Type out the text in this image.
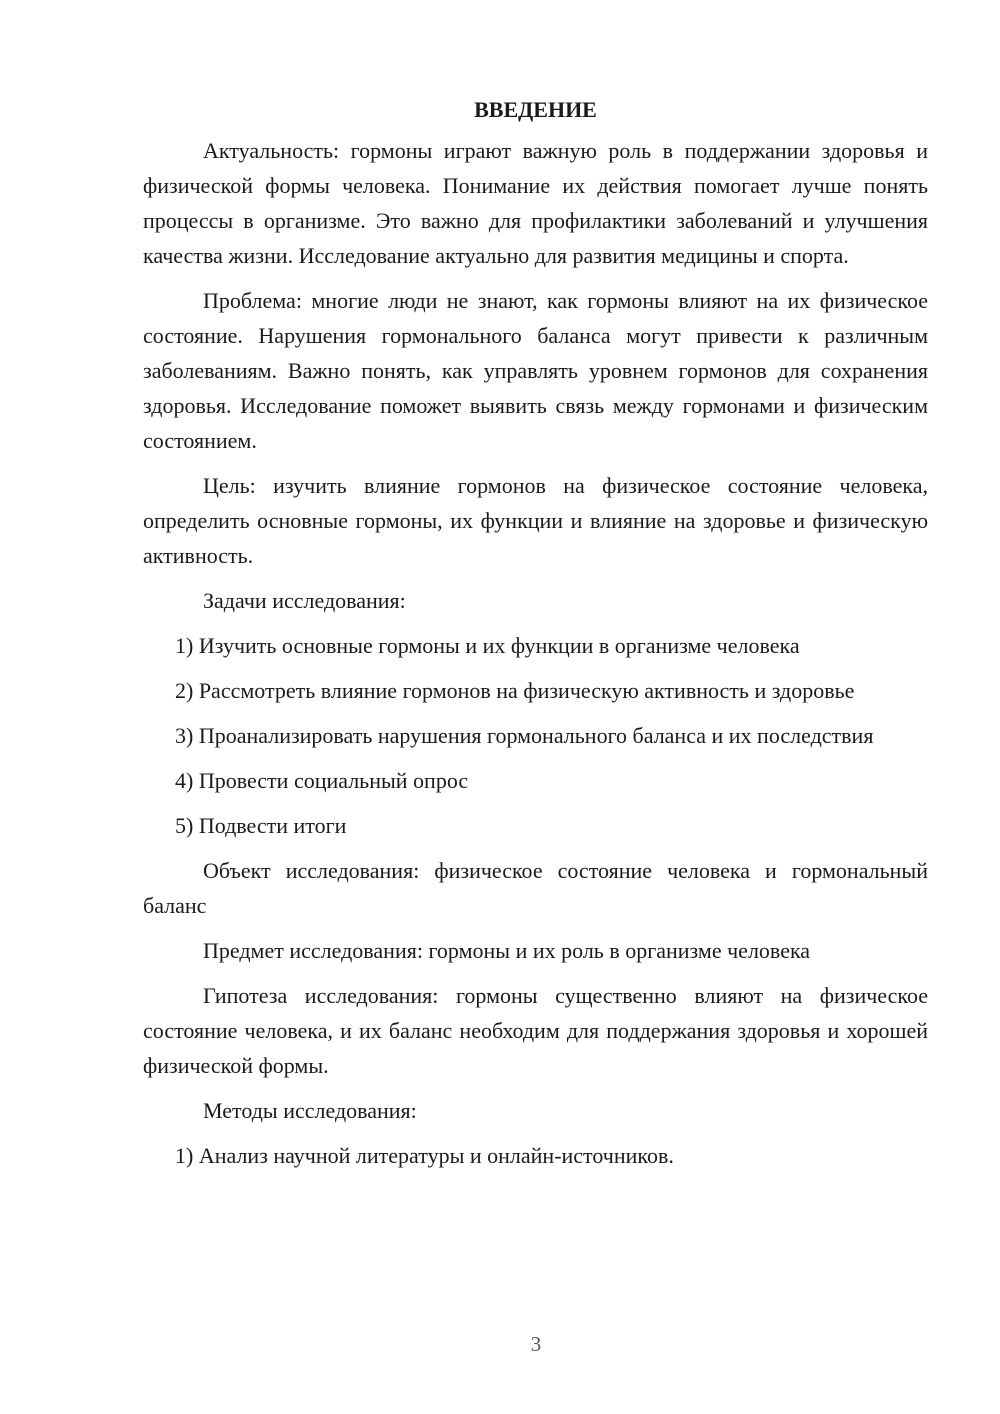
ВВЕДЕНИЕ
Актуальность: гормоны играют важную роль в поддержании здоровья и физической формы человека. Понимание их действия помогает лучше понять процессы в организме. Это важно для профилактики заболеваний и улучшения качества жизни. Исследование актуально для развития медицины и спорта.
Проблема: многие люди не знают, как гормоны влияют на их физическое состояние. Нарушения гормонального баланса могут привести к различным заболеваниям. Важно понять, как управлять уровнем гормонов для сохранения здоровья. Исследование поможет выявить связь между гормонами и физическим состоянием.
Цель: изучить влияние гормонов на физическое состояние человека, определить основные гормоны, их функции и влияние на здоровье и физическую активность.
Задачи исследования:
1) Изучить основные гормоны и их функции в организме человека
2) Рассмотреть влияние гормонов на физическую активность и здоровье
3) Проанализировать нарушения гормонального баланса и их последствия
4) Провести социальный опрос
5) Подвести итоги
Объект исследования: физическое состояние человека и гормональный баланс
Предмет исследования: гормоны и их роль в организме человека
Гипотеза исследования: гормоны существенно влияют на физическое состояние человека, и их баланс необходим для поддержания здоровья и хорошей физической формы.
Методы исследования:
1) Анализ научной литературы и онлайн-источников.
3
